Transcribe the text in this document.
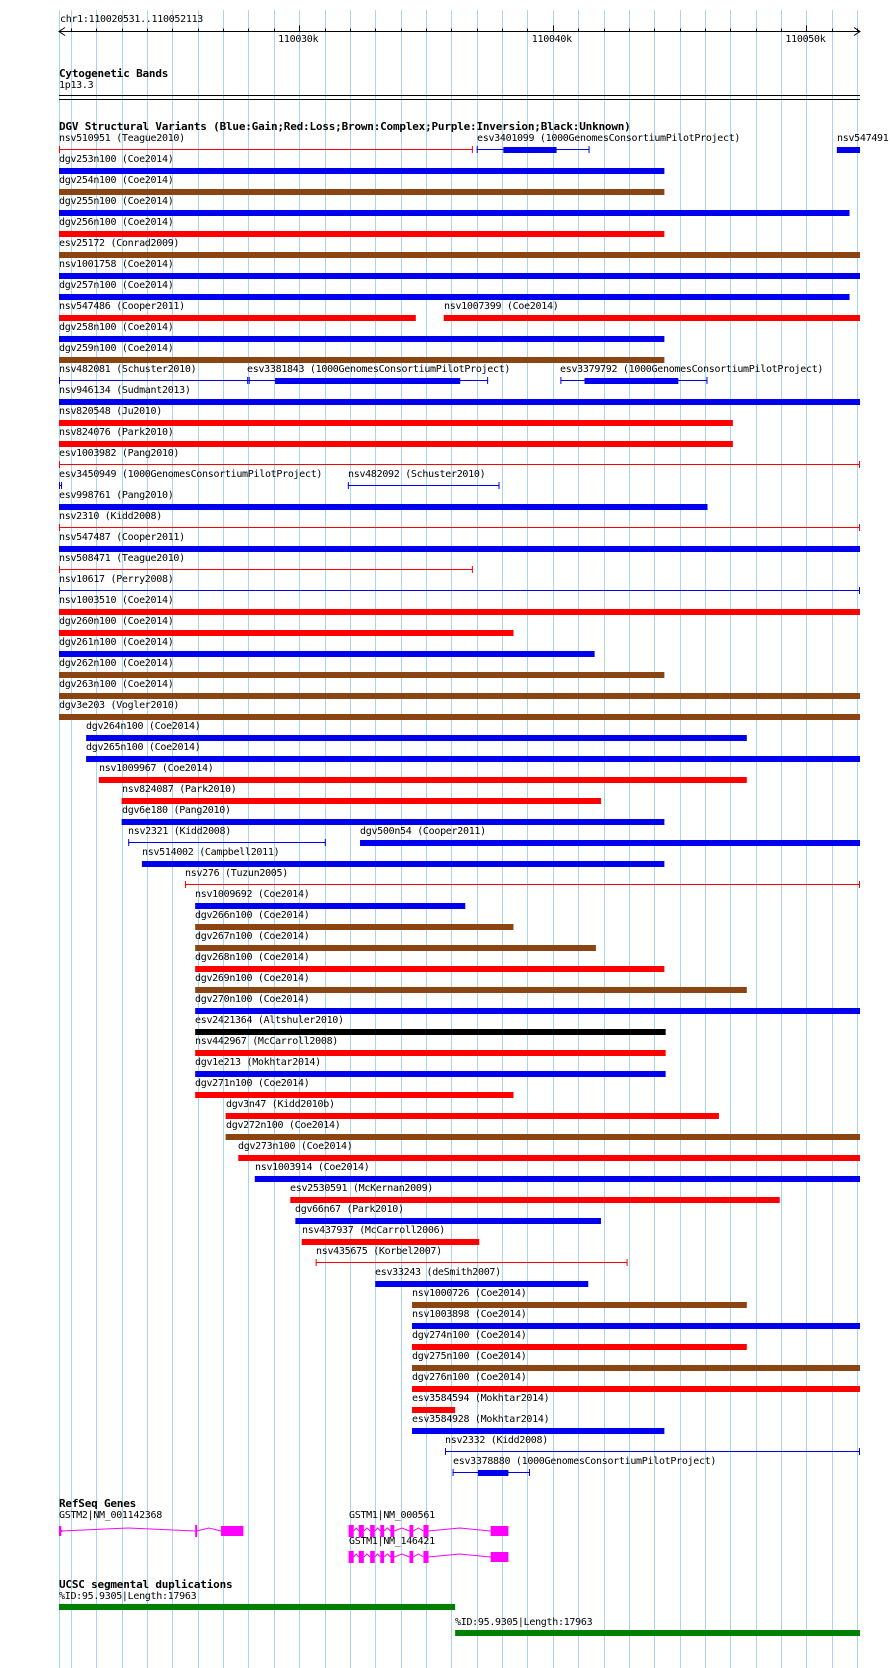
chr1:110020531..110052113
110030k	110040k	110050k
Cytogenetic Bands
1p13.3
DGV Structural Variants (Blue:Gain;Red:Loss;Brown:Complex;Purple:Inversion;Black:Unknown)
nsv510951 (Teague2010)	esv3401099 (1000GenomesConsortiumPilotProject)	nsv547491
dgv253n100 (Coe2014)
dgv254n100 (Coe2014)
dgv255n100 (Coe2014)
dgv256n100 (Coe2014)
esv25172 (Conrad2009)
nsv1001758 (Coe2014)
dgv257n100 (Coe2014)
nsv547486 (Cooper2011)	nsv1007399 (Coe2014)
dgv258n100 (Coe2014)
dgv259n100 (Coe2014)
nsv482081 (Schuster2010)	esv3381843 (1000GenomesConsortiumPilotProject)	esv3379792 (1000GenomesConsortiumPilotProject)
nsv946134 (Sudmant2013)
nsv820548 (Ju2010)
nsv824076 (Park2010)
esv1003982 (Pang2010)
esv3450949 (1000GenomesConsortiumPilotProject)	nsv482092 (Schuster2010)
esv998761 (Pang2010)
nsv2310 (Kidd2008)
nsv547487 (Cooper2011)
nsv508471 (Teague2010)
nsv10617 (Perry2008)
nsv1003510 (Coe2014)
dgv260n100 (Coe2014)
dgv261n100 (Coe2014)
dgv262n100 (Coe2014)
dgv263n100 (Coe2014)
dgv3e203 (Vogler2010)
dgv264n100 (Coe2014)
dgv265n100 (Coe2014)
nsv1009967 (Coe2014)
nsv824087 (Park2010)
dgv6e180 (Pang2010)
nsv2321 (Kidd2008)	dgv500n54 (Cooper2011)
nsv514002 (Campbell2011)
nsv276 (Tuzun2005)
nsv1009692 (Coe2014)
dgv266n100 (Coe2014)
dgv267n100 (Coe2014)
dgv268n100 (Coe2014)
dgv269n100 (Coe2014)
dgv270n100 (Coe2014)
esv2421364 (Altshuler2010)
nsv442967 (McCarroll2008)
dgv1e213 (Mokhtar2014)
dgv271n100 (Coe2014)
dgv3n47 (Kidd2010b)
dgv272n100 (Coe2014)
dgv273n100 (Coe2014)
nsv1003914 (Coe2014)
esv2530591 (McKernan2009)
dgv66n67 (Park2010)
nsv437937 (McCarroll2006)
nsv435675 (Korbel2007)
esv33243 (deSmith2007)
nsv1000726 (Coe2014)
nsv1003898 (Coe2014)
dgv274n100 (Coe2014)
dgv275n100 (Coe2014)
dgv276n100 (Coe2014)
esv3584594 (Mokhtar2014)
esv3584928 (Mokhtar2014)
nsv2332 (Kidd2008)
esv3378880 (1000GenomesConsortiumPilotProject)
RefSeq Genes
GSTM2|NM_001142368	GSTM1|NM_000561
GSTM1|NM_146421
UCSC segmental duplications
%ID:95.9305|Length:17963
%ID:95.9305|Length:17963
